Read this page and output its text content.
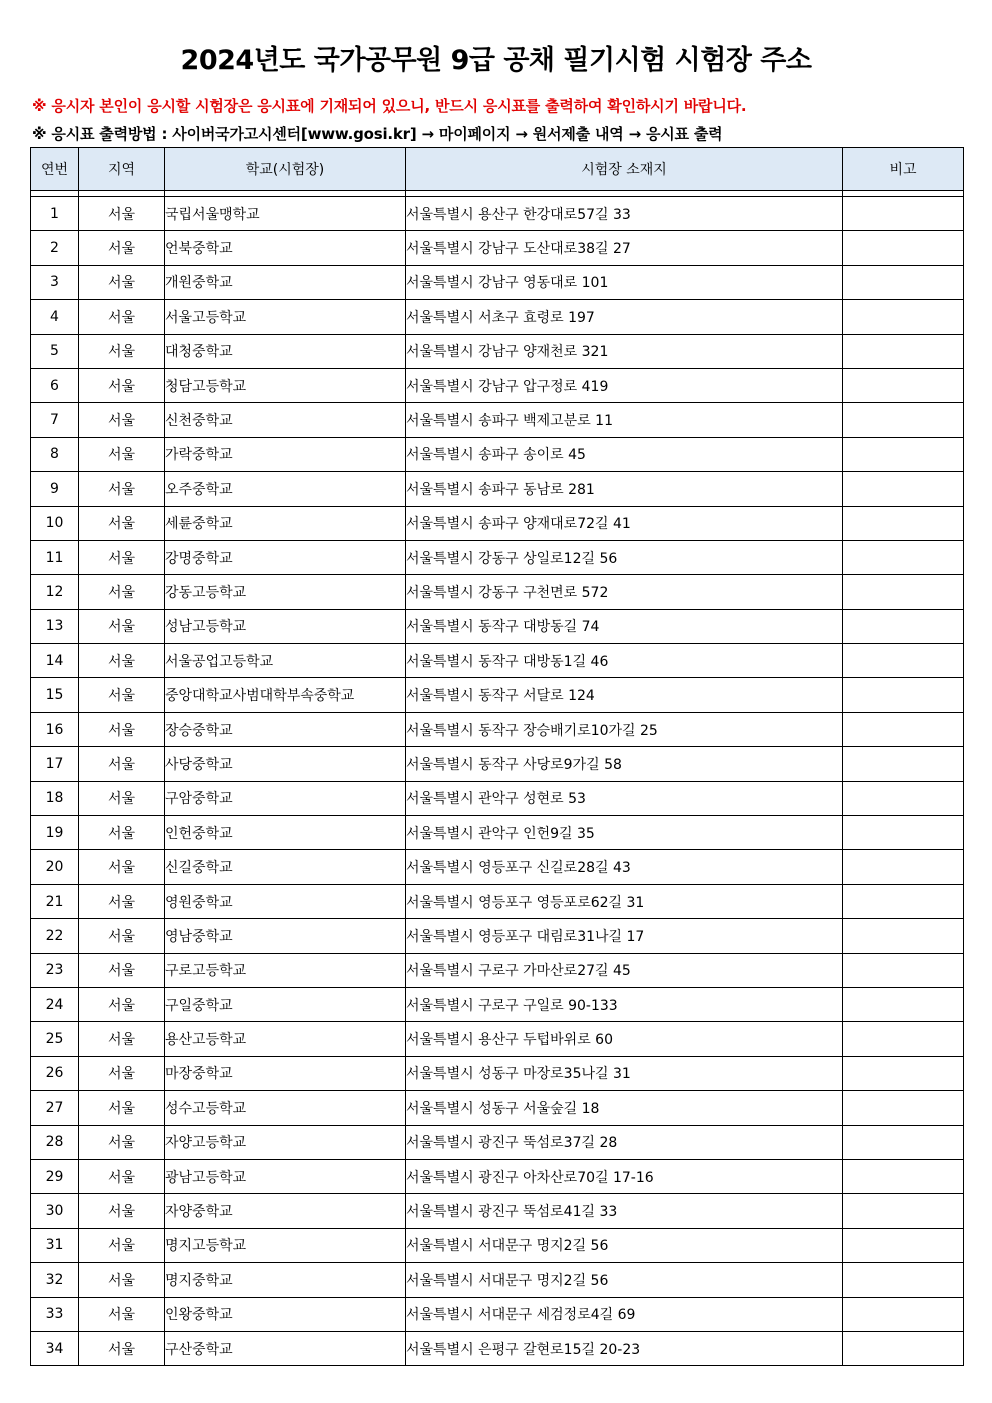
2024년도 국가공무원 9급 공채 필기시험 시험장 주소
※ 응시자 본인이 응시할 시험장은 응시표에 기재되어 있으니, 반드시 응시표를 출력하여 확인하시기 바랍니다.
※ 응시표 출력방법 : 사이버국가고시센터[www.gosi.kr] → 마이페이지 → 원서제출 내역 → 응시표 출력
연번	지역	학교(시험장)	시험장 소재지	비고

1	서울	국립서울맹학교	서울특별시 용산구 한강대로57길 33	
2	서울	언북중학교	서울특별시 강남구 도산대로38길 27	
3	서울	개원중학교	서울특별시 강남구 영동대로 101	
4	서울	서울고등학교	서울특별시 서초구 효령로 197	
5	서울	대청중학교	서울특별시 강남구 양재천로 321	
6	서울	청담고등학교	서울특별시 강남구 압구정로 419	
7	서울	신천중학교	서울특별시 송파구 백제고분로 11	
8	서울	가락중학교	서울특별시 송파구 송이로 45	
9	서울	오주중학교	서울특별시 송파구 동남로 281	
10	서울	세륜중학교	서울특별시 송파구 양재대로72길 41	
11	서울	강명중학교	서울특별시 강동구 상일로12길 56	
12	서울	강동고등학교	서울특별시 강동구 구천면로 572	
13	서울	성남고등학교	서울특별시 동작구 대방동길 74	
14	서울	서울공업고등학교	서울특별시 동작구 대방동1길 46	
15	서울	중앙대학교사범대학부속중학교	서울특별시 동작구 서달로 124	
16	서울	장승중학교	서울특별시 동작구 장승배기로10가길 25	
17	서울	사당중학교	서울특별시 동작구 사당로9가길 58	
18	서울	구암중학교	서울특별시 관악구 성현로 53	
19	서울	인헌중학교	서울특별시 관악구 인헌9길 35	
20	서울	신길중학교	서울특별시 영등포구 신길로28길 43	
21	서울	영원중학교	서울특별시 영등포구 영등포로62길 31	
22	서울	영남중학교	서울특별시 영등포구 대림로31나길 17	
23	서울	구로고등학교	서울특별시 구로구 가마산로27길 45	
24	서울	구일중학교	서울특별시 구로구 구일로 90-133	
25	서울	용산고등학교	서울특별시 용산구 두텁바위로 60	
26	서울	마장중학교	서울특별시 성동구 마장로35나길 31	
27	서울	성수고등학교	서울특별시 성동구 서울숲길 18	
28	서울	자양고등학교	서울특별시 광진구 뚝섬로37길 28	
29	서울	광남고등학교	서울특별시 광진구 아차산로70길 17-16	
30	서울	자양중학교	서울특별시 광진구 뚝섬로41길 33	
31	서울	명지고등학교	서울특별시 서대문구 명지2길 56	
32	서울	명지중학교	서울특별시 서대문구 명지2길 56	
33	서울	인왕중학교	서울특별시 서대문구 세검정로4길 69	
34	서울	구산중학교	서울특별시 은평구 갈현로15길 20-23	
